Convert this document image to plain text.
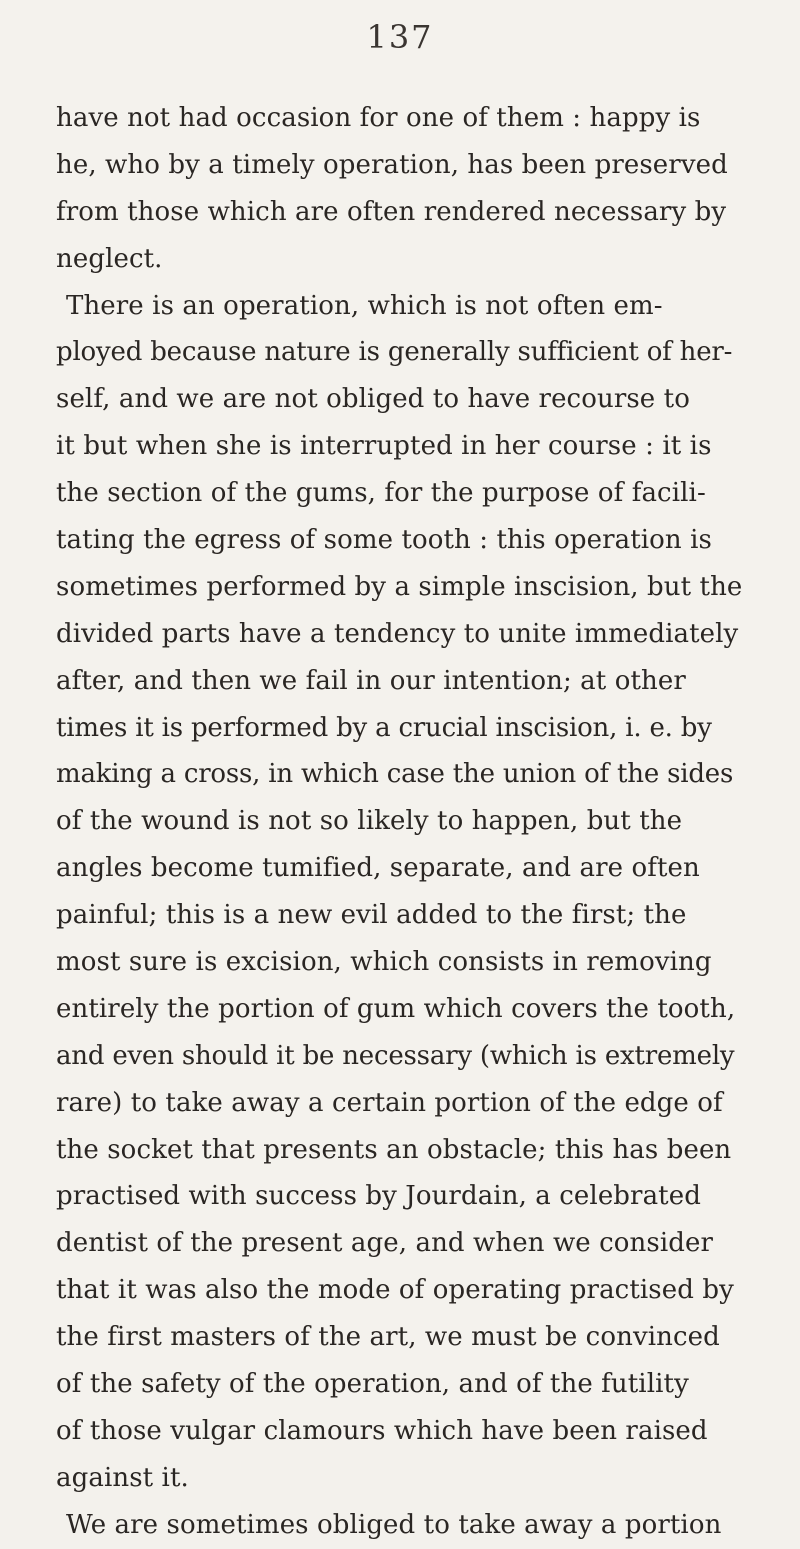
137
have not had occasion for one of them : happy is
he, who by a timely operation, has been preserved
from those which are often rendered necessary by
neglect.
There is an operation, which is not often em-
ployed because nature is generally sufficient of her-
self, and we are not obliged to have recourse to
it but when she is interrupted in her course : it is
the section of the gums, for the purpose of facili-
tating the egress of some tooth : this operation is
sometimes performed by a simple inscision, but the
divided parts have a tendency to unite immediately
after, and then we fail in our intention; at other
times it is performed by a crucial inscision, i. e. by
making a cross, in which case the union of the sides
of the wound is not so likely to happen, but the
angles become tumified, separate, and are often
painful; this is a new evil added to the first; the
most sure is excision, which consists in removing
entirely the portion of gum which covers the tooth,
and even should it be necessary (which is extremely
rare) to take away a certain portion of the edge of
the socket that presents an obstacle; this has been
practised with success by Jourdain, a celebrated
dentist of the present age, and when we consider
that it was also the mode of operating practised by
the first masters of the art, we must be convinced
of the safety of the operation, and of the futility
of those vulgar clamours which have been raised
against it.
We are sometimes obliged to take away a portion
